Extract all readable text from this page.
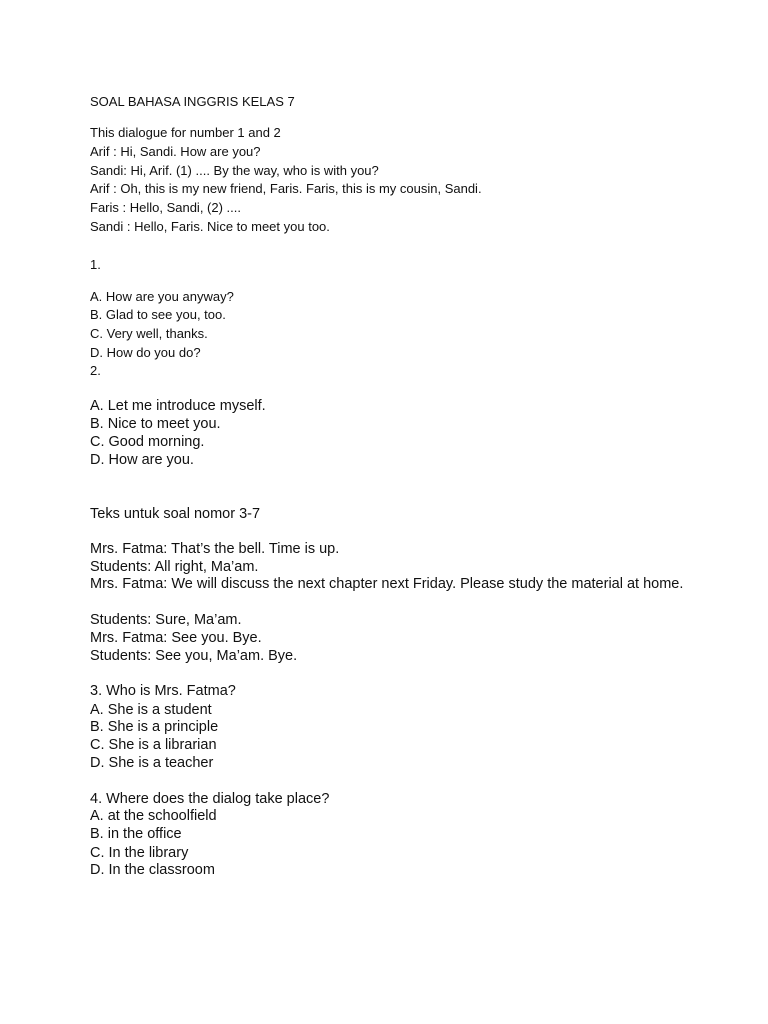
SOAL BAHASA INGGRIS KELAS 7
This dialogue for number 1 and 2
Arif : Hi, Sandi. How are you?
Sandi: Hi, Arif. (1) .... By the way, who is with you?
Arif : Oh, this is my new friend, Faris. Faris, this is my cousin, Sandi.
Faris : Hello, Sandi, (2) ....
Sandi : Hello, Faris. Nice to meet you too.
1.
A. How are you anyway?
B. Glad to see you, too.
C. Very well, thanks.
D. How do you do?
2.
A. Let me introduce myself.
B. Nice to meet you.
C. Good morning.
D. How are you.
Teks untuk soal nomor 3-7
Mrs. Fatma: That’s the bell. Time is up.
Students: All right, Ma’am.
Mrs. Fatma: We will discuss the next chapter next Friday. Please study the material at home.
Students: Sure, Ma’am.
Mrs. Fatma: See you. Bye.
Students: See you, Ma’am. Bye.
3. Who is Mrs. Fatma?
A. She is a student
B. She is a principle
C. She is a librarian
D. She is a teacher
4. Where does the dialog take place?
A. at the schoolfield
B. in the office
C. In the library
D. In the classroom
